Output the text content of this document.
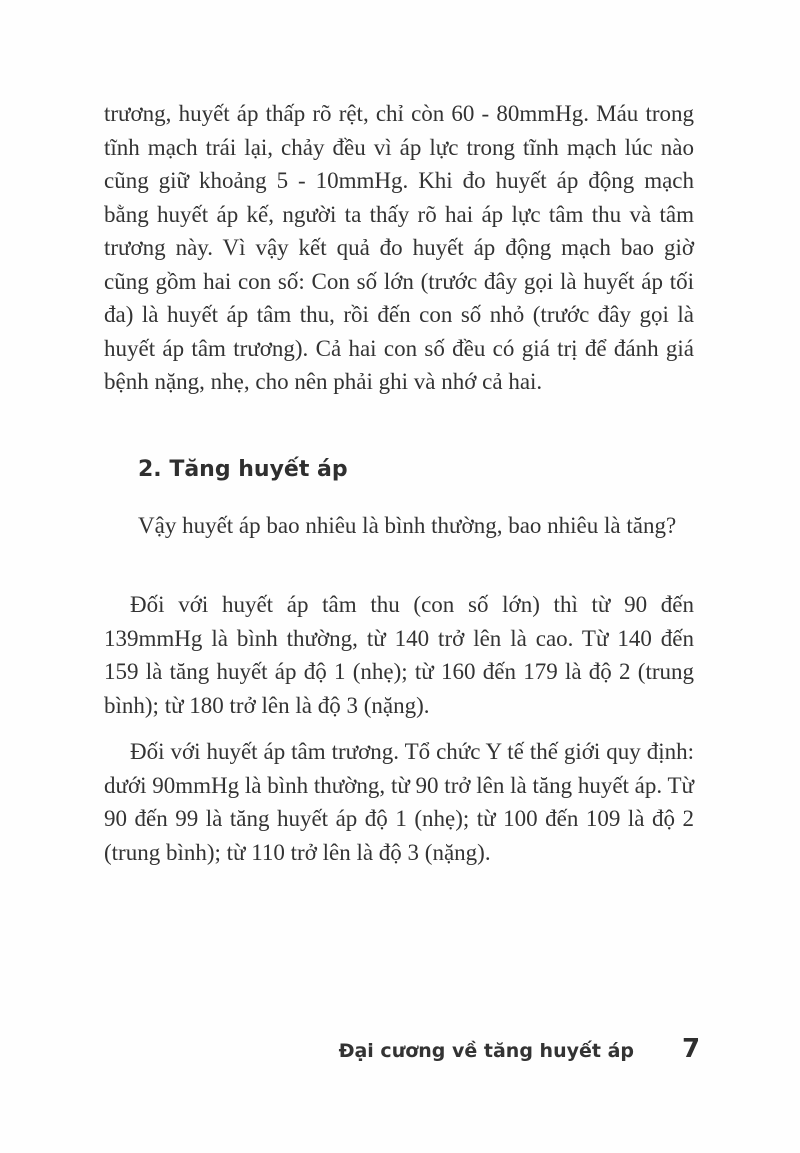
trương, huyết áp thấp rõ rệt, chỉ còn 60 - 80mmHg. Máu trong tĩnh mạch trái lại, chảy đều vì áp lực trong tĩnh mạch lúc nào cũng giữ khoảng 5 - 10mmHg. Khi đo huyết áp động mạch bằng huyết áp kế, người ta thấy rõ hai áp lực tâm thu và tâm trương này. Vì vậy kết quả đo huyết áp động mạch bao giờ cũng gồm hai con số: Con số lớn (trước đây gọi là huyết áp tối đa) là huyết áp tâm thu, rồi đến con số nhỏ (trước đây gọi là huyết áp tâm trương). Cả hai con số đều có giá trị để đánh giá bệnh nặng, nhẹ, cho nên phải ghi và nhớ cả hai.

2. Tăng huyết áp

Vậy huyết áp bao nhiêu là bình thường, bao nhiêu là tăng?

Đối với huyết áp tâm thu (con số lớn) thì từ 90 đến 139mmHg là bình thường, từ 140 trở lên là cao. Từ 140 đến 159 là tăng huyết áp độ 1 (nhẹ); từ 160 đến 179 là độ 2 (trung bình); từ 180 trở lên là độ 3 (nặng).

Đối với huyết áp tâm trương. Tổ chức Y tế thế giới quy định: dưới 90mmHg là bình thường, từ 90 trở lên là tăng huyết áp. Từ 90 đến 99 là tăng huyết áp độ 1 (nhẹ); từ 100 đến 109 là độ 2 (trung bình); từ 110 trở lên là độ 3 (nặng).

Đại cương về tăng huyết áp 7
